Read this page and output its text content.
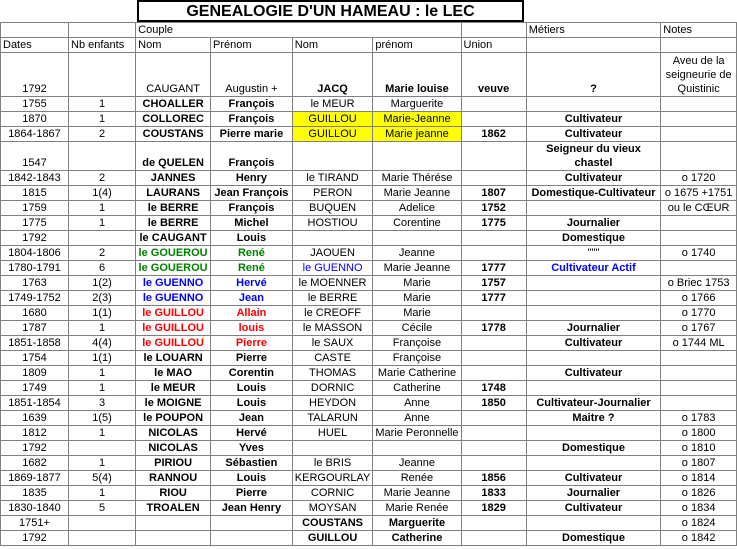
GENEALOGIE D'UN HAMEAU : le LEC
		Couple					Métiers	Notes
Dates	Nb enfants	Nom	Prénom	Nom	prénom	Union		
1792		CAUGANT	Augustin +	JACQ	Marie louise	veuve	?	Aveu de la seigneurie de Quistinic
1755	1	CHOALLER	François	le MEUR	Marguerite			
1870	1	COLLOREC	François	GUILLOU	Marie-Jeanne		Cultivateur	
1864-1867	2	COUSTANS	Pierre marie	GUILLOU	Marie jeanne	1862	Cultivateur	
1547		de QUELEN	François				Seigneur du vieux chastel	
1842-1843	2	JANNES	Henry	le TIRAND	Marie Thérése		Cultivateur	o 1720
1815	1(4)	LAURANS	Jean François	PERON	Marie Jeanne	1807	Domestique-Cultivateur	o 1675 +1751
1759	1	le BERRE	François	BUQUEN	Adelice	1752		ou le CŒUR
1775	1	le BERRE	Michel	HOSTIOU	Corentine	1775	Journalier	
1792		le CAUGANT	Louis				Domestique	
1804-1806	2	le GOUEROU	René	JAOUEN	Jeanne		"""	o 1740
1780-1791	6	le GOUEROU	René	le GUENNO	Marie Jeanne	1777	Cultivateur Actif	
1763	1(2)	le GUENNO	Hervé	le MOENNER	Marie	1757		o Briec 1753
1749-1752	2(3)	le GUENNO	Jean	le BERRE	Marie	1777		o 1766
1680	1(1)	le GUILLOU	Allain	le CREOFF	Marie			o 1770
1787	1	le GUILLOU	louis	le MASSON	Cécile	1778	Journalier	o 1767
1851-1858	4(4)	le GUILLOU	Pierre	le SAUX	Françoise		Cultivateur	o 1744 ML
1754	1(1)	le LOUARN	Pierre	CASTE	Françoise			
1809	1	le MAO	Corentin	THOMAS	Marie Catherine		Cultivateur	
1749	1	le MEUR	Louis	DORNIC	Catherine	1748		
1851-1854	3	le MOIGNE	Louis	HEYDON	Anne	1850	Cultivateur-Journalier	
1639	1(5)	le POUPON	Jean	TALARUN	Anne		Maitre ?	o 1783
1812	1	NICOLAS	Hervé	HUEL	Marie Peronnelle			o 1800
1792		NICOLAS	Yves				Domestique	o 1810
1682	1	PIRIOU	Sébastien	le BRIS	Jeanne			o 1807
1869-1877	5(4)	RANNOU	Louis	KERGOURLAY	Renée	1856	Cultivateur	o 1814
1835	1	RIOU	Pierre	CORNIC	Marie Jeanne	1833	Journalier	o 1826
1830-1840	5	TROALEN	Jean Henry	MOYSAN	Marie Renée	1829	Cultivateur	o 1834
1751+				COUSTANS	Marguerite			o 1824
1792				GUILLOU	Catherine		Domestique	o 1842
